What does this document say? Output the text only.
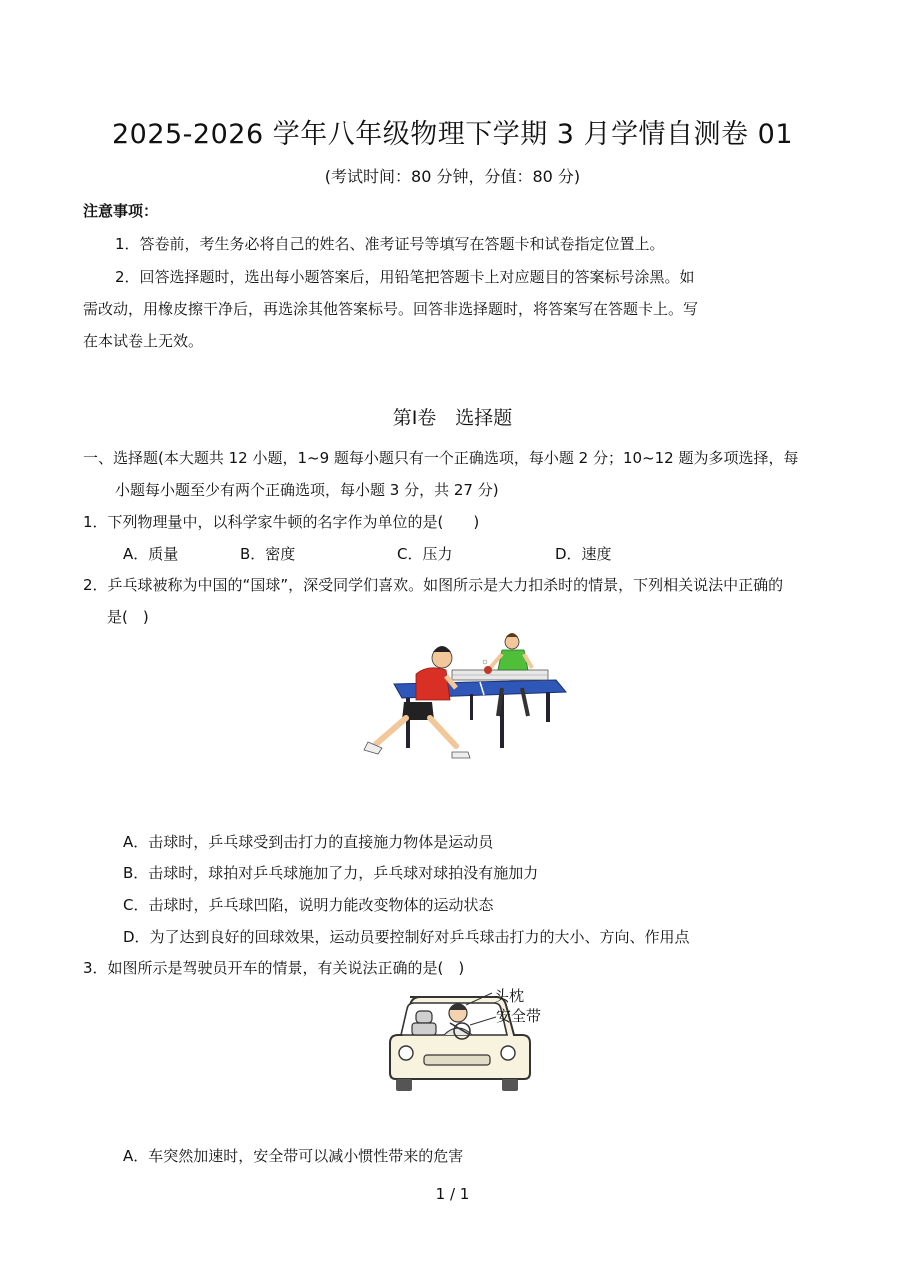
2025-2026 学年八年级物理下学期 3 月学情自测卷 01
(考试时间：80 分钟，分值：80 分)
注意事项：
1．答卷前，考生务必将自己的姓名、准考证号等填写在答题卡和试卷指定位置上。
2．回答选择题时，选出每小题答案后，用铅笔把答题卡上对应题目的答案标号涂黑。如
需改动，用橡皮擦干净后，再选涂其他答案标号。回答非选择题时，将答案写在答题卡上。写
在本试卷上无效。
第Ⅰ卷　选择题
一、选择题(本大题共 12 小题，1~9 题每小题只有一个正确选项，每小题 2 分；10~12 题为多项选择，每
小题每小题至少有两个正确选项，每小题 3 分，共 27 分)
1．下列物理量中，以科学家牛顿的名字作为单位的是(　　)
A．质量	B．密度	C．压力	D．速度
2．乒乓球被称为中国的“国球”，深受同学们喜欢。如图所示是大力扣杀时的情景，下列相关说法中正确的
是(　)
A．击球时，乒乓球受到击打力的直接施力物体是运动员
B．击球时，球拍对乒乓球施加了力，乒乓球对球拍没有施加力
C．击球时，乒乓球凹陷，说明力能改变物体的运动状态
D．为了达到良好的回球效果，运动员要控制好对乒乓球击打力的大小、方向、作用点
3．如图所示是驾驶员开车的情景，有关说法正确的是(　)
头枕
安全带
A．车突然加速时，安全带可以减小惯性带来的危害
1 / 1
